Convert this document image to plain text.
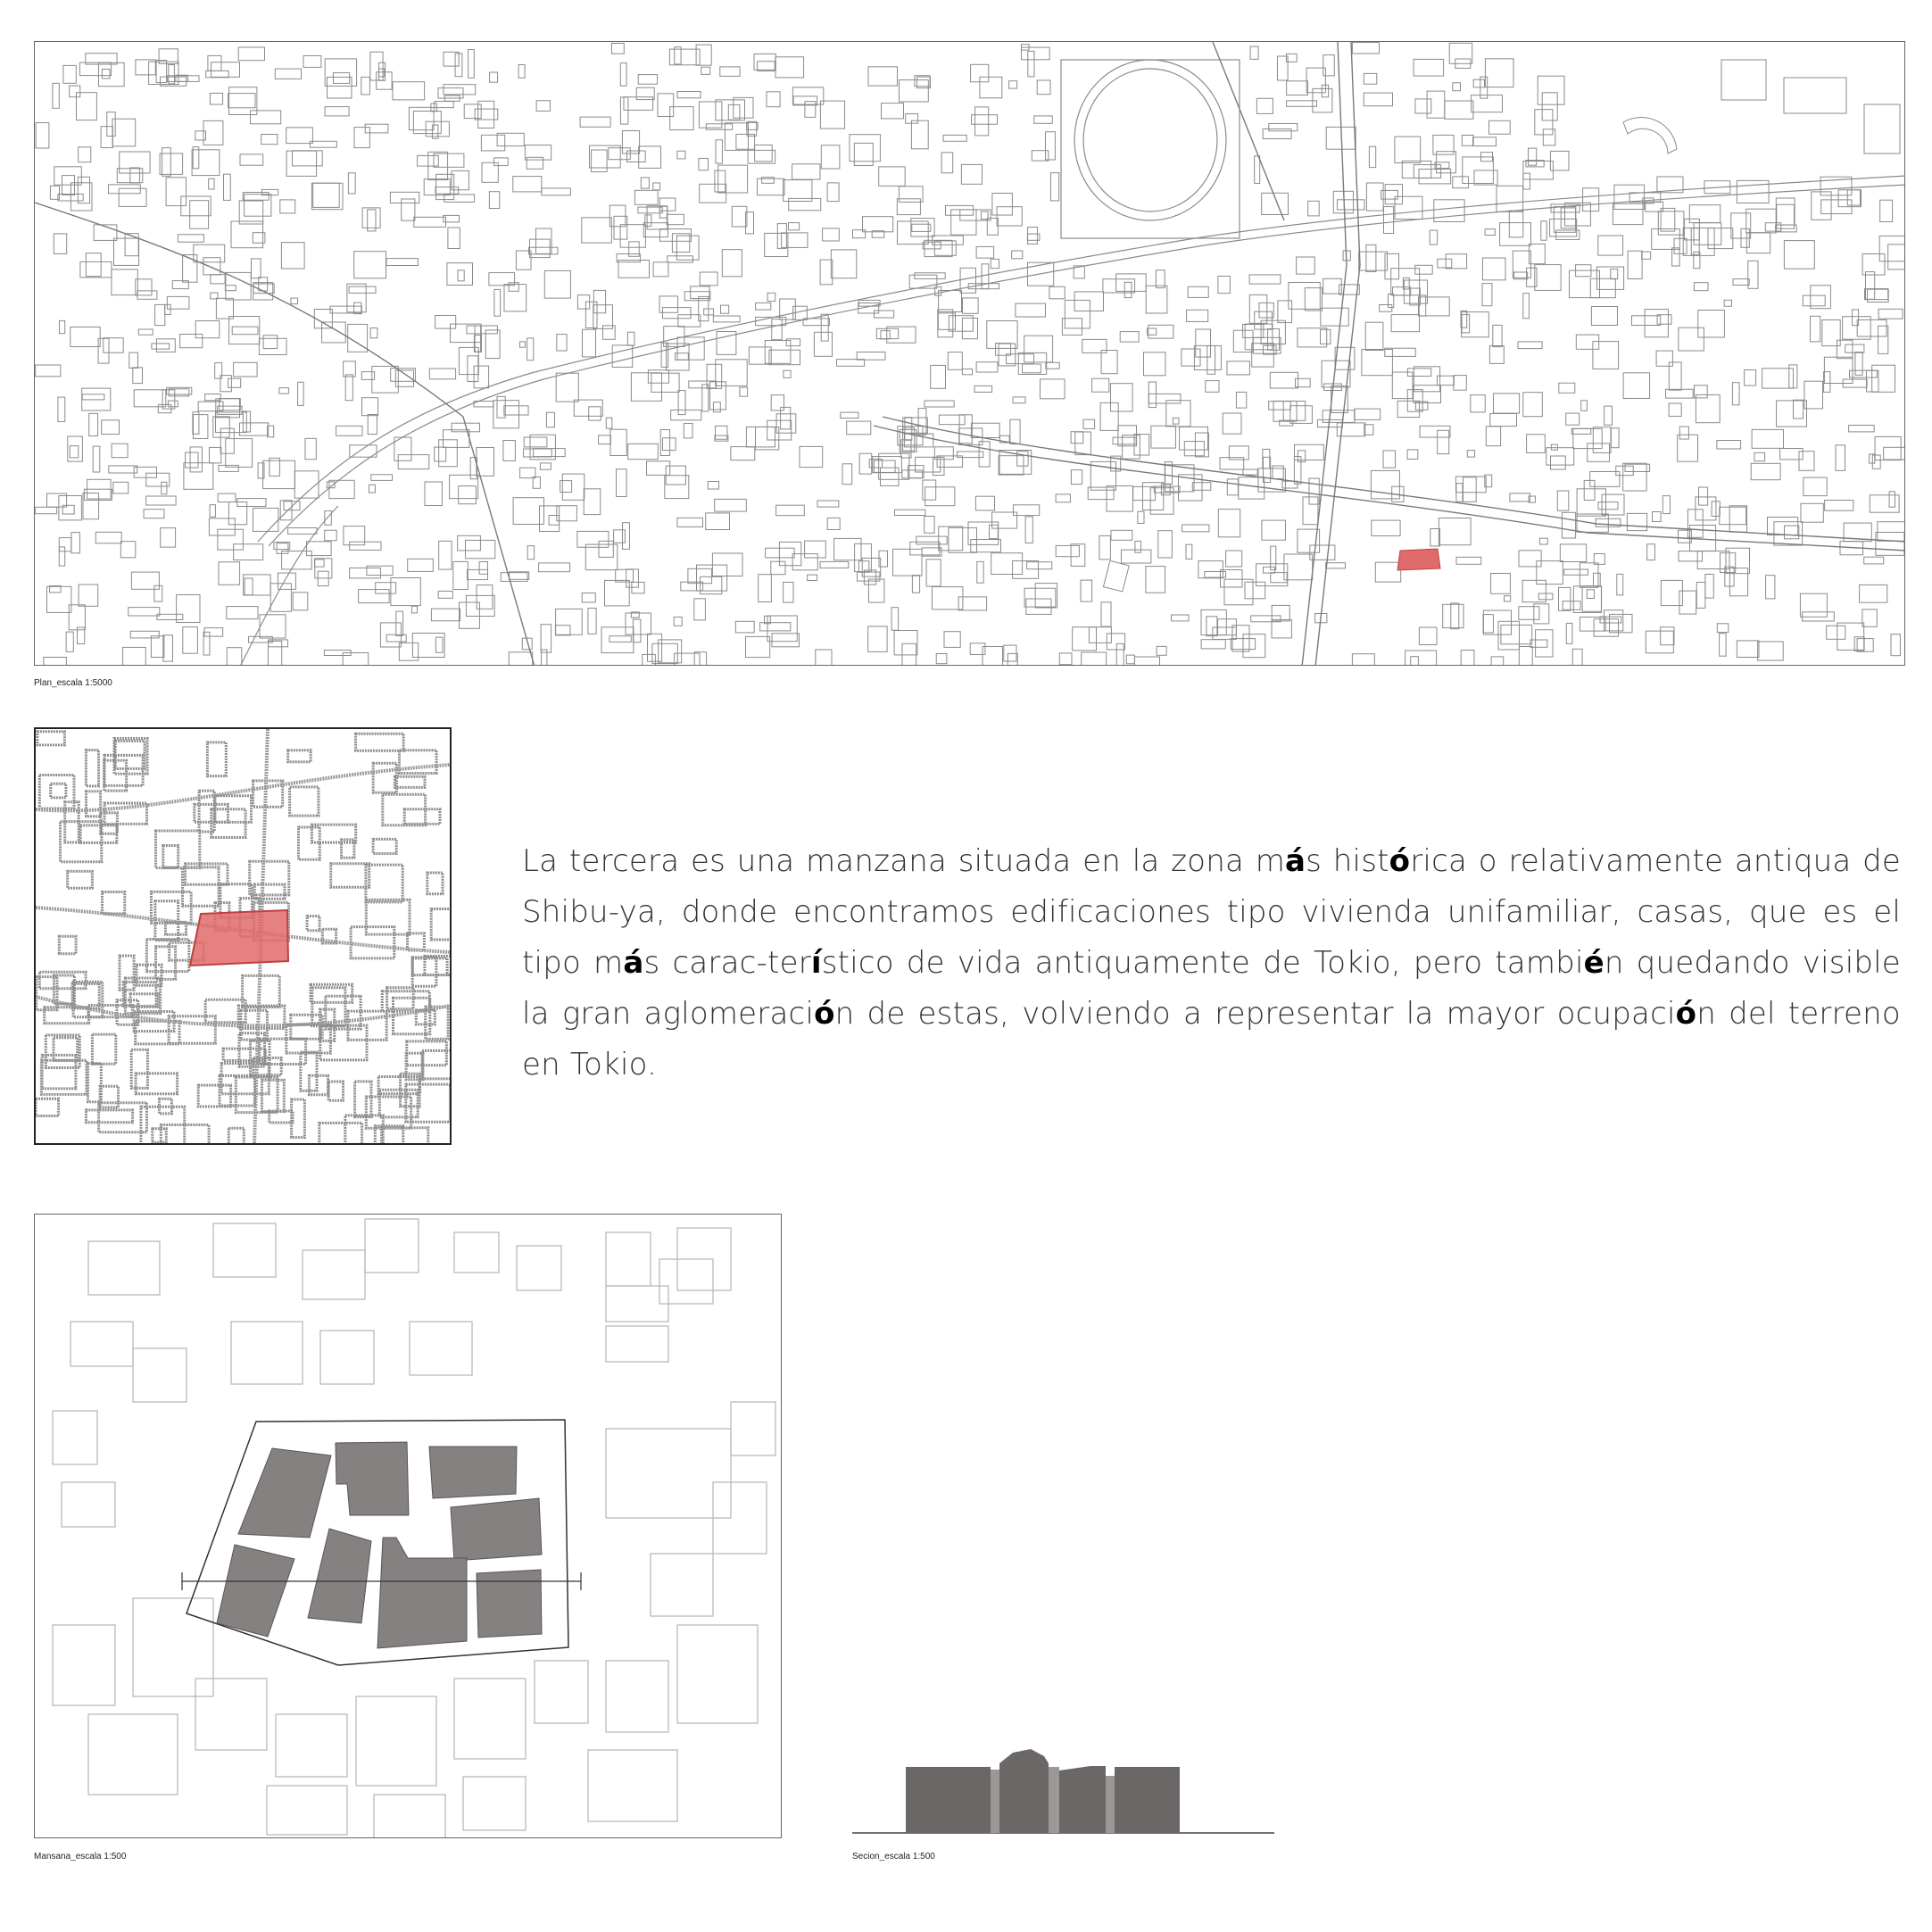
Plan_escala 1:5000
La tercera es una manzana situada en la zona más histórica o relativamente antiqua de Shibu-ya, donde encontramos edificaciones tipo vivienda unifamiliar, casas, que es el tipo más carac-terístico de vida antiquamente de Tokio, pero también quedando visible la gran aglomeración de estas, volviendo a representar la mayor ocupación del terreno en Tokio.
Mansana_escala 1:500	Secion_escala 1:500
